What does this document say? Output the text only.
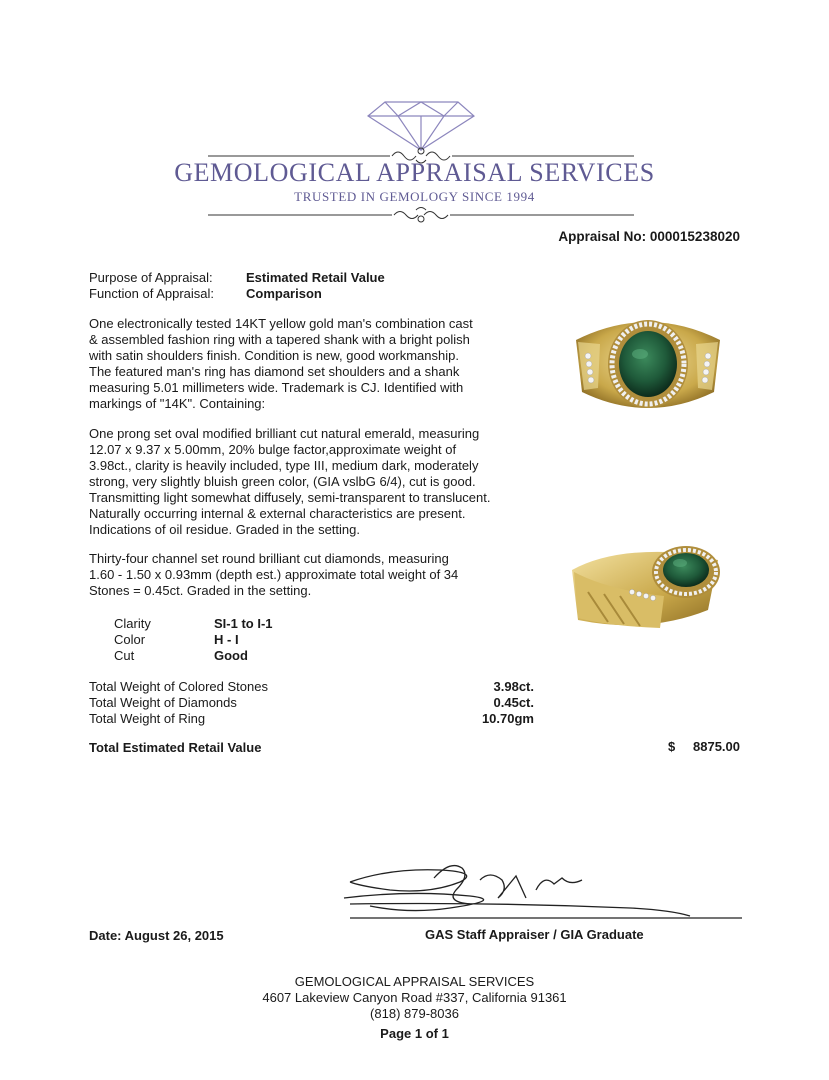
GEMOLOGICAL APPRAISAL SERVICES
TRUSTED IN GEMOLOGY SINCE 1994
Appraisal No: 000015238020
Purpose of Appraisal:	Estimated Retail Value
Function of Appraisal: Comparison
One electronically tested 14KT yellow gold man's combination cast
& assembled fashion ring with a tapered shank with a bright polish
with satin shoulders finish. Condition is new, good workmanship.
The featured man's ring has diamond set shoulders and a shank
measuring 5.01 millimeters wide. Trademark is CJ. Identified with
markings of "14K". Containing:
One prong set oval modified brilliant cut natural emerald, measuring
12.07 x 9.37 x 5.00mm, 20% bulge factor,approximate weight of
3.98ct., clarity is heavily included, type III, medium dark, moderately
strong, very slightly bluish green color, (GIA vslbG 6/4), cut is good.
Transmitting light somewhat diffusely, semi-transparent to translucent.
Naturally occurring internal & external characteristics are present.
Indications of oil residue. Graded in the setting.
Thirty-four channel set round brilliant cut diamonds, measuring
1.60 - 1.50 x 0.93mm (depth est.) approximate total weight of 34
Stones = 0.45ct. Graded in the setting.
Clarity	SI-1 to I-1
Color	H - I
Cut	Good
Total Weight of Colored Stones	3.98ct.
Total Weight of Diamonds	0.45ct.
Total Weight of Ring	10.70gm
Total Estimated Retail Value	$ 8875.00
Date: August 26, 2015	GAS Staff Appraiser / GIA Graduate
GEMOLOGICAL APPRAISAL SERVICES
4607 Lakeview Canyon Road #337, California 91361
(818) 879-8036
Page 1 of 1
